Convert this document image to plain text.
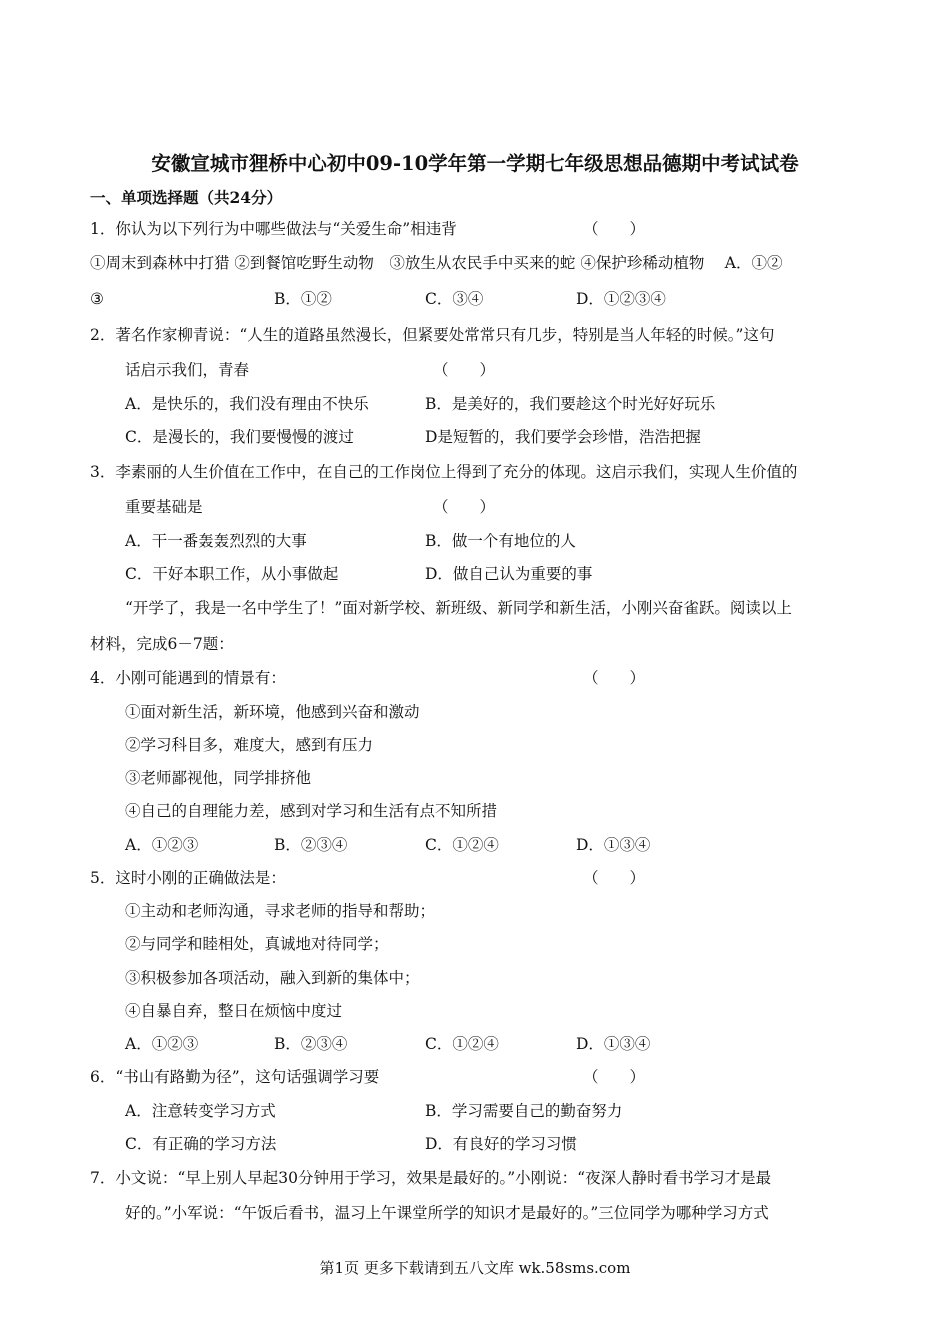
安徽宣城市狸桥中心初中09-10学年第一学期七年级思想品德期中考试试卷
一、单项选择题（共24分）
1．你认为以下列行为中哪些做法与“关爱生命”相违背	（　　）
①周末到森林中打猎 ②到餐馆吃野生动物　③放生从农民手中买来的蛇 ④保护珍稀动植物　 A．①②
③	B．①②	C．③④	D．①②③④
2．著名作家柳青说：“人生的道路虽然漫长，但紧要处常常只有几步，特别是当人年轻的时候。”这句
话启示我们，青春	（　　）
A．是快乐的，我们没有理由不快乐	B．是美好的，我们要趁这个时光好好玩乐
C．是漫长的，我们要慢慢的渡过	D是短暂的，我们要学会珍惜，浩浩把握
3．李素丽的人生价值在工作中，在自己的工作岗位上得到了充分的体现。这启示我们，实现人生价值的
重要基础是	（　　）
A．干一番轰轰烈烈的大事	B．做一个有地位的人
C．干好本职工作，从小事做起	D．做自己认为重要的事
“开学了，我是一名中学生了！”面对新学校、新班级、新同学和新生活，小刚兴奋雀跃。阅读以上
材料，完成6－7题：
4．小刚可能遇到的情景有：	（　　）
①面对新生活，新环境，他感到兴奋和激动
②学习科目多，难度大，感到有压力
③老师鄙视他，同学排挤他
④自己的自理能力差，感到对学习和生活有点不知所措
A．①②③	B．②③④	C．①②④	D．①③④
5．这时小刚的正确做法是：	（　　）
①主动和老师沟通，寻求老师的指导和帮助；
②与同学和睦相处，真诚地对待同学；
③积极参加各项活动，融入到新的集体中；
④自暴自弃，整日在烦恼中度过
A．①②③	B．②③④	C．①②④	D．①③④
6．“书山有路勤为径”，这句话强调学习要	（　　）
A．注意转变学习方式	B．学习需要自己的勤奋努力
C．有正确的学习方法	D．有良好的学习习惯
7．小文说：“早上别人早起30分钟用于学习，效果是最好的。”小刚说：“夜深人静时看书学习才是最
好的。”小军说：“午饭后看书，温习上午课堂所学的知识才是最好的。”三位同学为哪种学习方式
第1页 更多下载请到五八文库 wk.58sms.com
